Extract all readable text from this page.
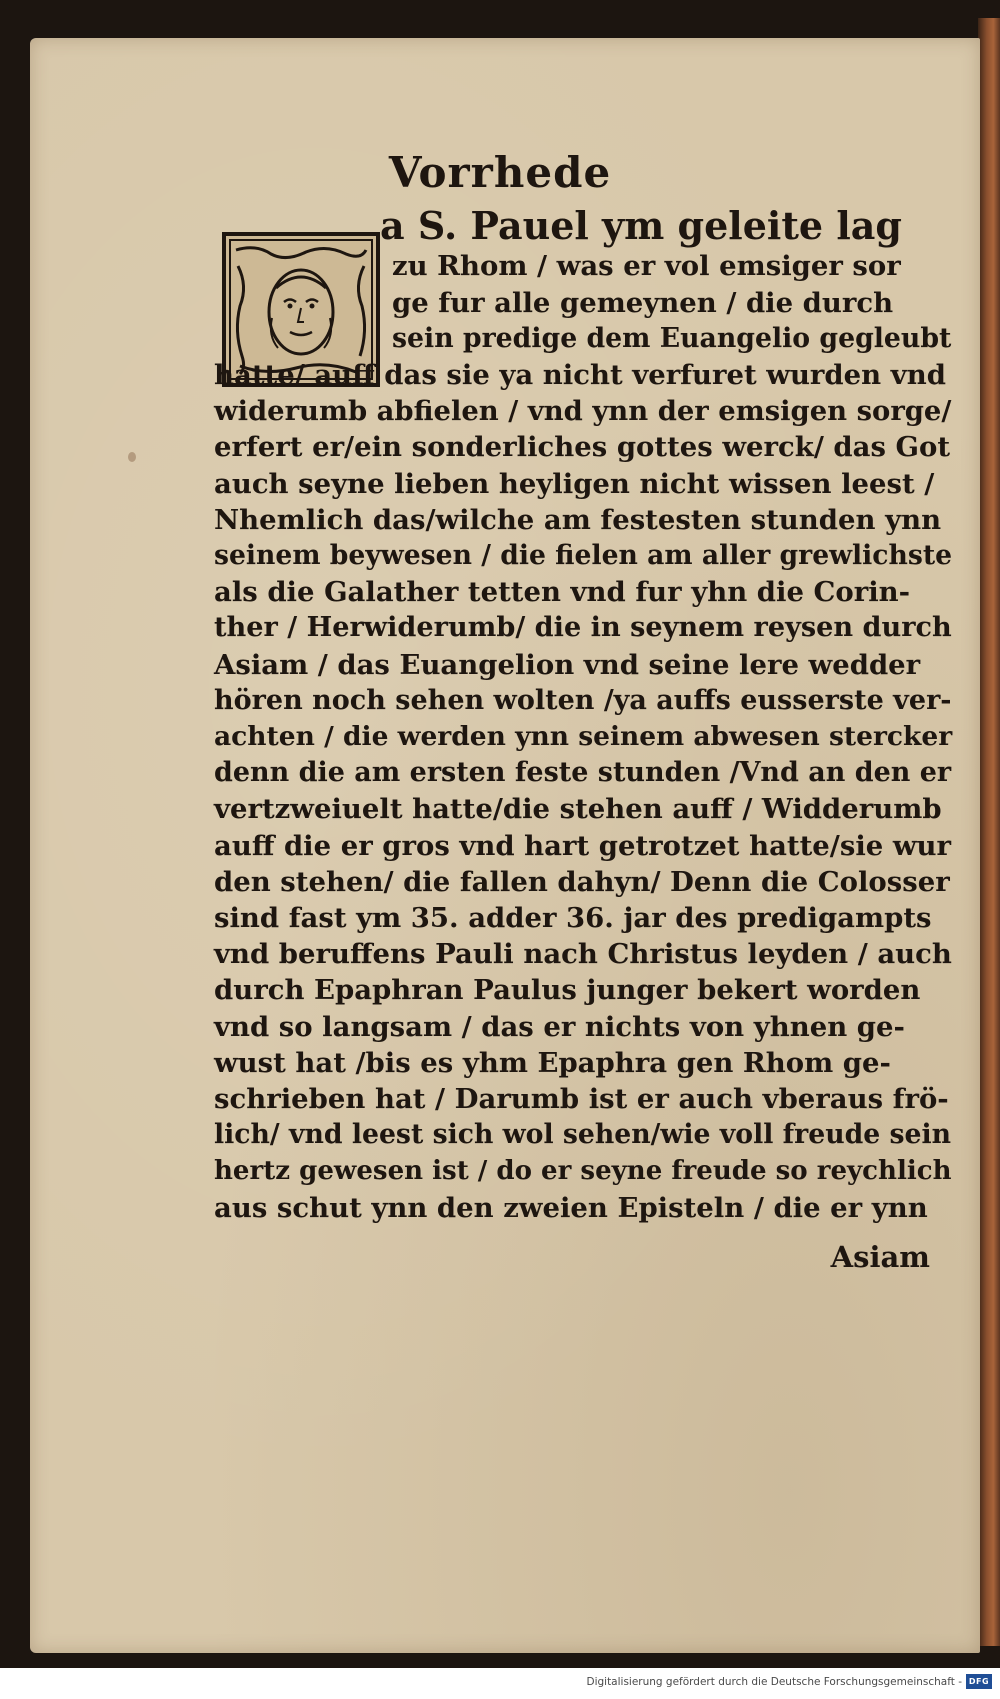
Vorrhede

a S. Pauel ym geleite lag

zu Rhom / was er vol emsiger sor

ge fur alle gemeynen / die durch

sein predige dem Euangelio gegleubt

hatte/ auff das sie ya nicht verfuret wurden vnd

widerumb abfielen / vnd ynn der emsigen sorge/

erfert er/ein sonderliches gottes werck/ das Got

auch seyne lieben heyligen nicht wissen leest /

Nhemlich das/wilche am festesten stunden ynn

seinem beywesen / die fielen am aller grewlichste

als die Galather tetten vnd fur yhn die Corin-

ther / Herwiderumb/ die in seynem reysen durch

Asiam / das Euangelion vnd seine lere wedder

hören noch sehen wolten /ya auffs eusserste ver-

achten / die werden ynn seinem abwesen stercker

denn die am ersten feste stunden /Vnd an den er

vertzweiuelt hatte/die stehen auff / Widderumb

auff die er gros vnd hart getrotzet hatte/sie wur

den stehen/ die fallen dahyn/ Denn die Colosser

sind fast ym 35. adder 36. jar des predigampts

vnd beruffens Pauli nach Christus leyden / auch

durch Epaphran Paulus junger bekert worden

vnd so langsam / das er nichts von yhnen ge-

wust hat /bis es yhm Epaphra gen Rhom ge-

schrieben hat / Darumb ist er auch vberaus frö-

lich/ vnd leest sich wol sehen/wie voll freude sein

hertz gewesen ist / do er seyne freude so reychlich

aus schut ynn den zweien Episteln / die er ynn

Asiam
Digitalisierung gefördert durch die Deutsche Forschungsgemeinschaft - DFG
